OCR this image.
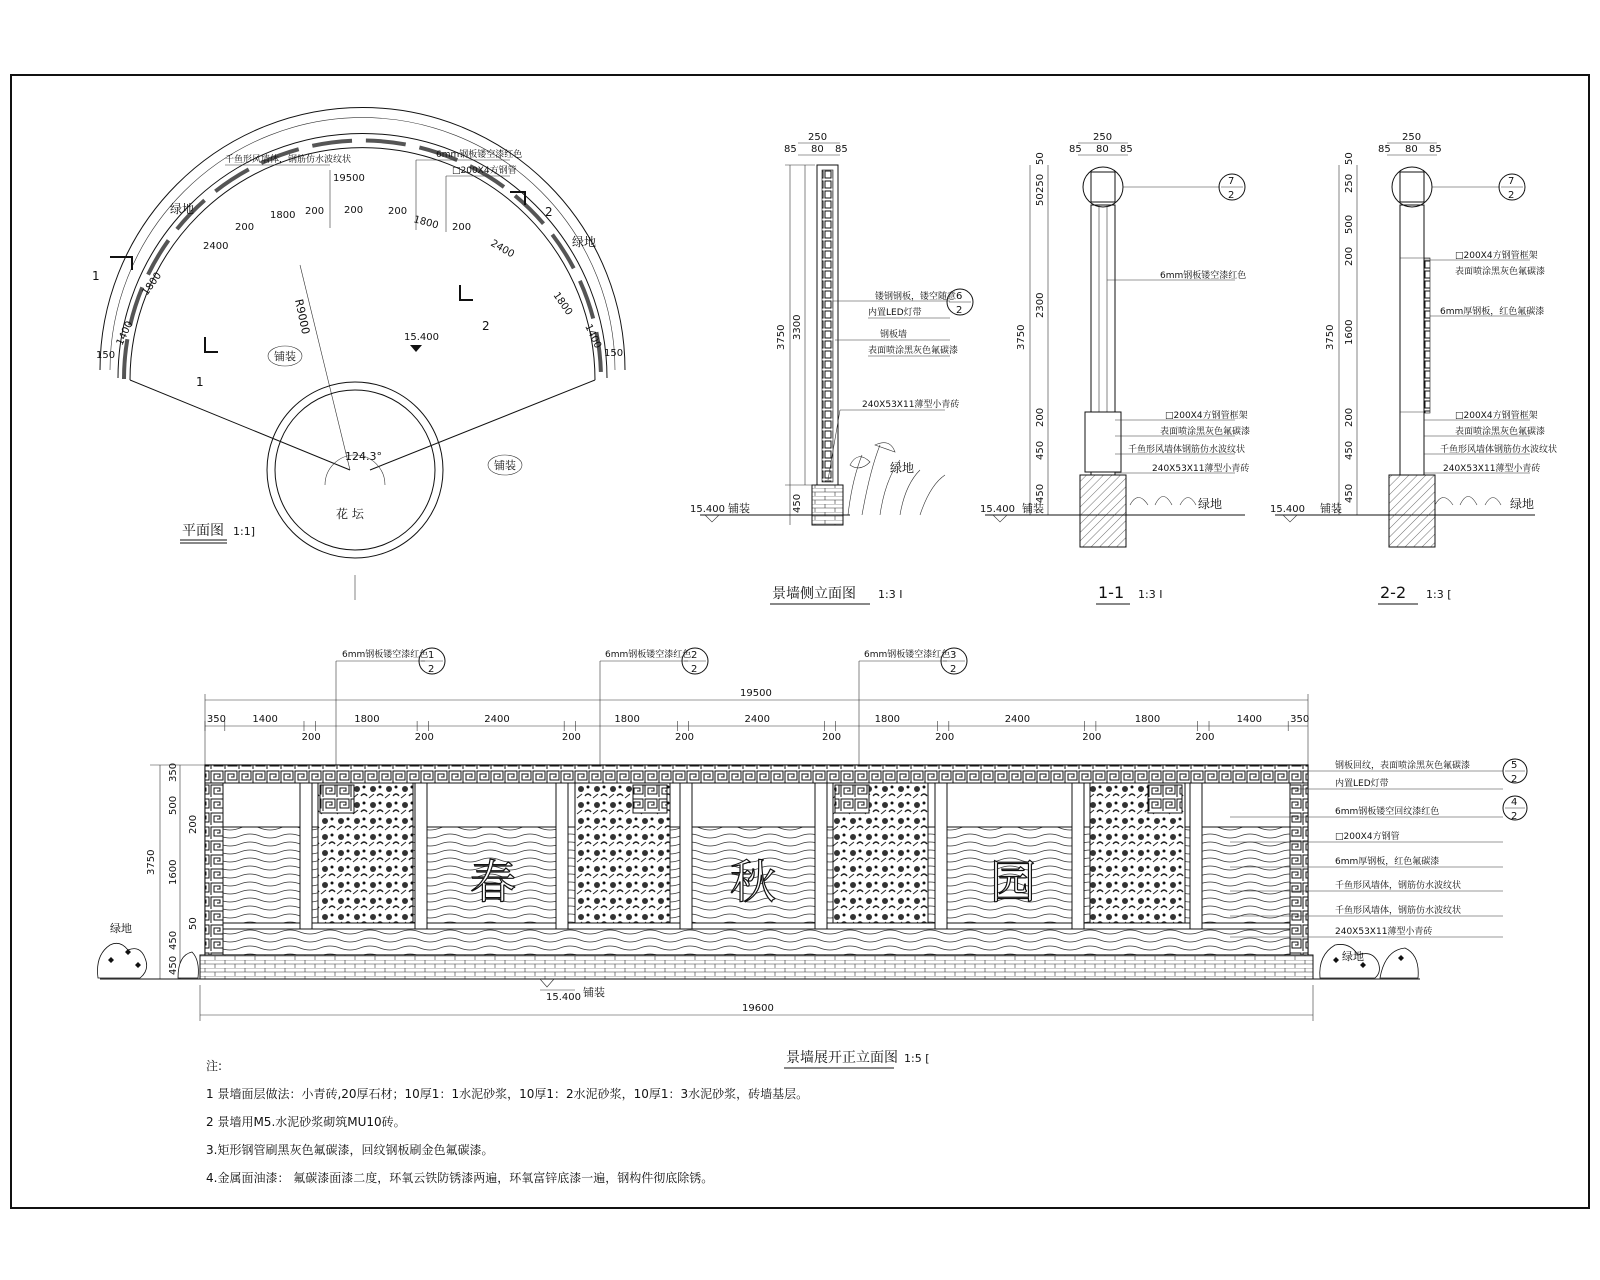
1
1
2
2
19500
200
1800
2400
1800
1400
1800
2400
1800
1400
200
200	200
200
150	150
R9000
124.3°
千鱼形风墙体，钢筋仿水波纹状	6mm钢板镂空漆红色
□200X4方钢管
绿地
绿地
铺装
铺装
花 坛
15.400
平面图 1:1]
250
85 80 85
3750 3300
450
镂钢钢板，镂空随意
内置LED灯带
钢板墙
表面喷涂黑灰色氟碳漆
240X53X11薄型小青砖
6
2
绿地
15.400 铺装
景墙侧立面图 1:3 I
250
85 80 85
3750
50
250
50
2300
200
450
450
7
2
6mm钢板镂空漆红色
□200X4方钢管框架
表面喷涂黑灰色氟碳漆
千鱼形风墙体钢筋仿水波纹状
240X53X11薄型小青砖
绿地
15.400 铺装
1-1 1:3 I
250
85 80 85
3750
50
250
500
200
1600
200
450
450
7
2
□200X4方钢管框架
表面喷涂黑灰色氟碳漆
6mm厚钢板，红色氟碳漆
□200X4方钢管框架
表面喷涂黑灰色氟碳漆
千鱼形风墙体钢筋仿水波纹状
240X53X11薄型小青砖
绿地
15.400 铺装
2-2 1:3 [
6mm钢板镂空漆红色 1
2
6mm钢板镂空漆红色 2
2
6mm钢板镂空漆红色 3
2
19500
350	1400
200
1800
200
2400
200
1800
200
2400
200
1800
200
2400
200
1800
200
1400	350
春	秋	园
3750
350
500
200
1600
50
450
450
绿地
绿地
钢板回纹，表面喷涂黑灰色氟碳漆
内置LED灯带
6mm钢板镂空回纹漆红色
□200X4方钢管
6mm厚钢板，红色氟碳漆
千鱼形风墙体，钢筋仿水波纹状
千鱼形风墙体，钢筋仿水波纹状
240X53X11薄型小青砖
5
2
4
2
15.400 铺装
19600
景墙展开正立面图 1:5 [
注:
1 景墙面层做法：小青砖,20厚石材；10厚1：1水泥砂浆，10厚1：2水泥砂浆，10厚1：3水泥砂浆，砖墙基层。
2 景墙用M5.水泥砂浆砌筑MU10砖。
3.矩形钢管刷黑灰色氟碳漆，回纹钢板刷金色氟碳漆。
4.金属面油漆： 氟碳漆面漆二度，环氧云铁防锈漆两遍，环氧富锌底漆一遍，钢构件彻底除锈。
